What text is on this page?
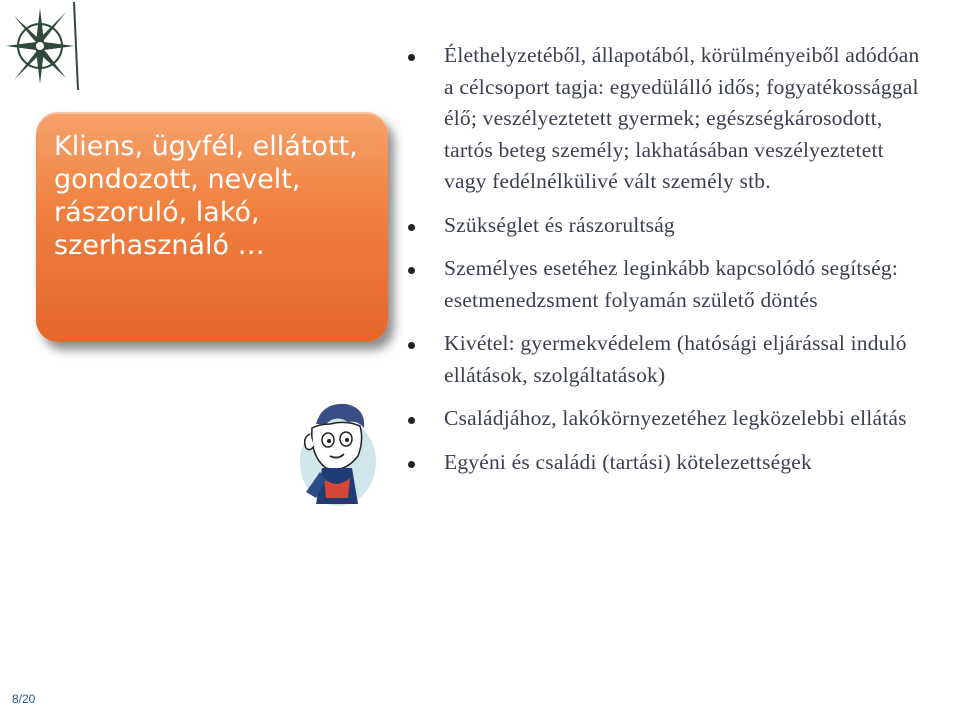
Kliens, ügyfél, ellátott, gondozott, nevelt, rászoruló, lakó, szerhasználó …

Élethelyzetéből, állapotából, körülményeiből adódóan a célcsoport tagja: egyedülálló idős; fogyatékossággal élő; veszélyeztetett gyermek; egészségkárosodott, tartós beteg személy; lakhatásában veszélyeztetett vagy fedélnélkülivé vált személy stb.
Szükséglet és rászorultság
Személyes esetéhez leginkább kapcsolódó segítség: esetmenedzsment folyamán születő döntés
Kivétel: gyermekvédelem (hatósági eljárással induló ellátások, szolgáltatások)
Családjához, lakókörnyezetéhez legközelebbi ellátás
Egyéni és családi (tartási) kötelezettségek
8/20
